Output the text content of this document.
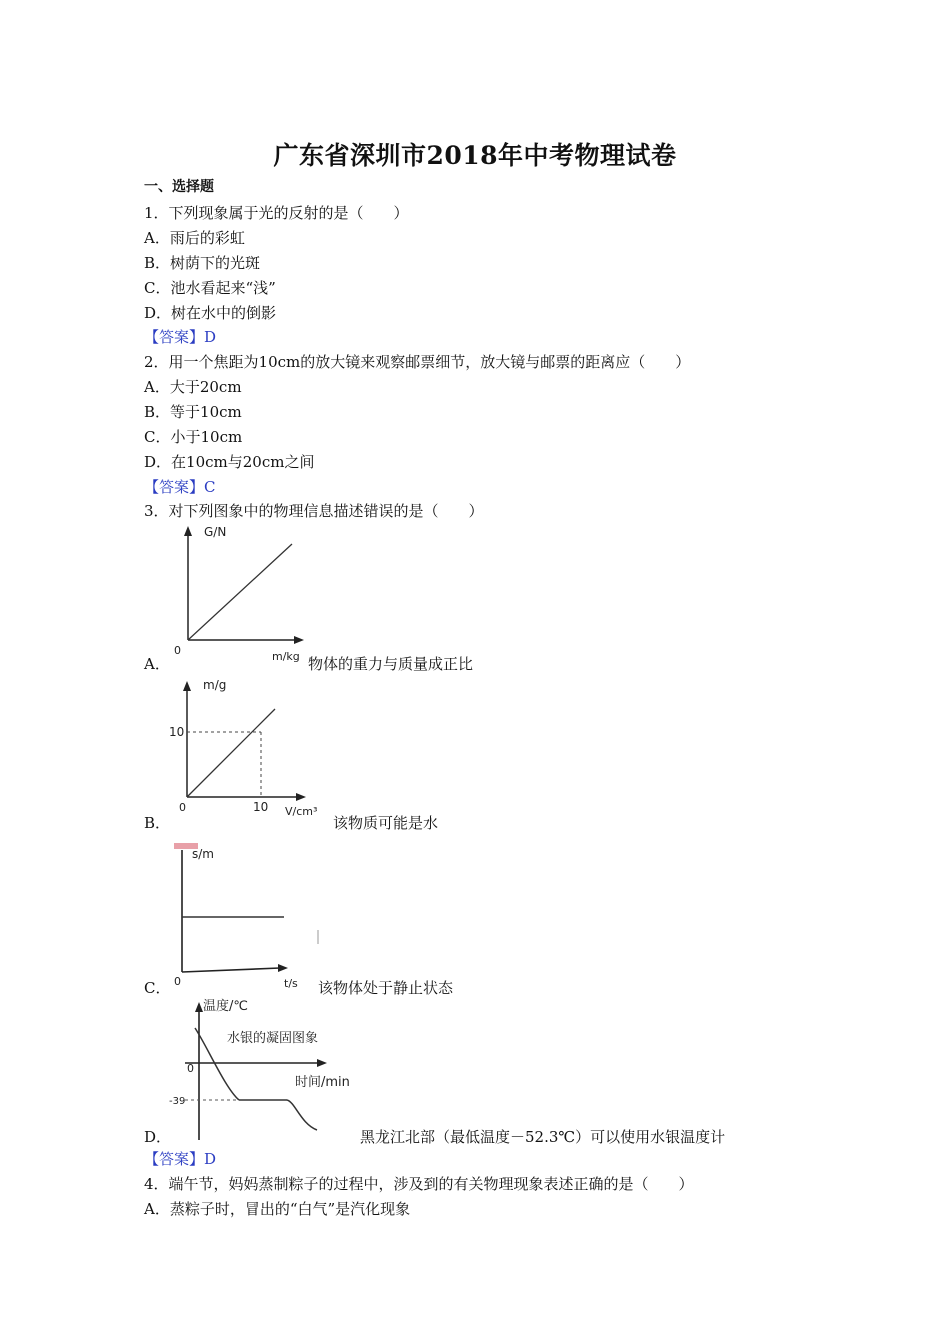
广东省深圳市2018年中考物理试卷
一、选择题
1．下列现象属于光的反射的是（　　）
A．雨后的彩虹
B．树荫下的光斑
C．池水看起来“浅”
D．树在水中的倒影
【答案】D
2．用一个焦距为10cm的放大镜来观察邮票细节，放大镜与邮票的距离应（　　）
A．大于20cm
B．等于10cm
C．小于10cm
D．在10cm与20cm之间
【答案】C
3．对下列图象中的物理信息描述错误的是（　　）
G/N
0	m/kg
A．	物体的重力与质量成正比
m/g
10
0	10 V/cm³
B．	该物质可能是水
s/m
0	t/s
C．	该物体处于静止状态
温度/℃
水银的凝固图象
0
时间/min
-39
D．	黑龙江北部（最低温度－52.3℃）可以使用水银温度计
【答案】D
4．端午节，妈妈蒸制粽子的过程中，涉及到的有关物理现象表述正确的是（　　）
A．蒸粽子时，冒出的“白气”是汽化现象
